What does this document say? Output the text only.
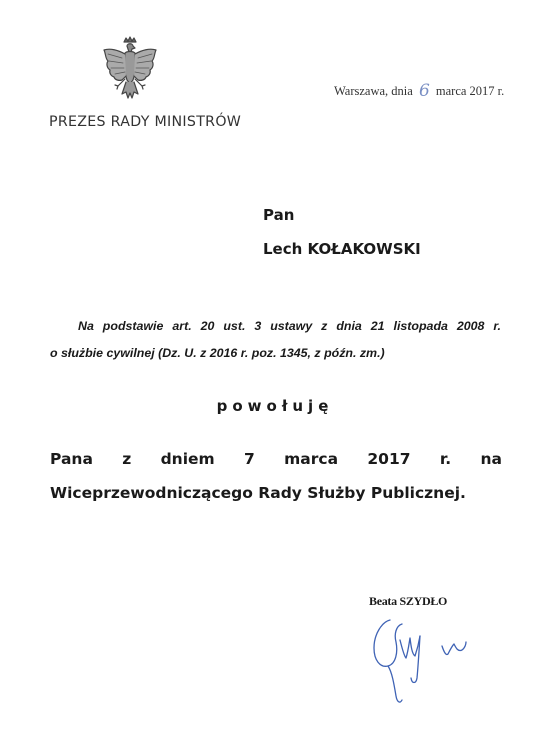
PREZES RADY MINISTRÓW
Warszawa, dnia 6 marca 2017 r.
Pan
Lech KOŁAKOWSKI
Na podstawie art. 20 ust. 3 ustawy z dnia 21 listopada 2008 r.
o służbie cywilnej (Dz. U. z 2016 r. poz. 1345, z późn. zm.)
powołuję
Pana z dniem 7 marca 2017 r. na
Wiceprzewodniczącego Rady Służby Publicznej.
Beata SZYDŁO
